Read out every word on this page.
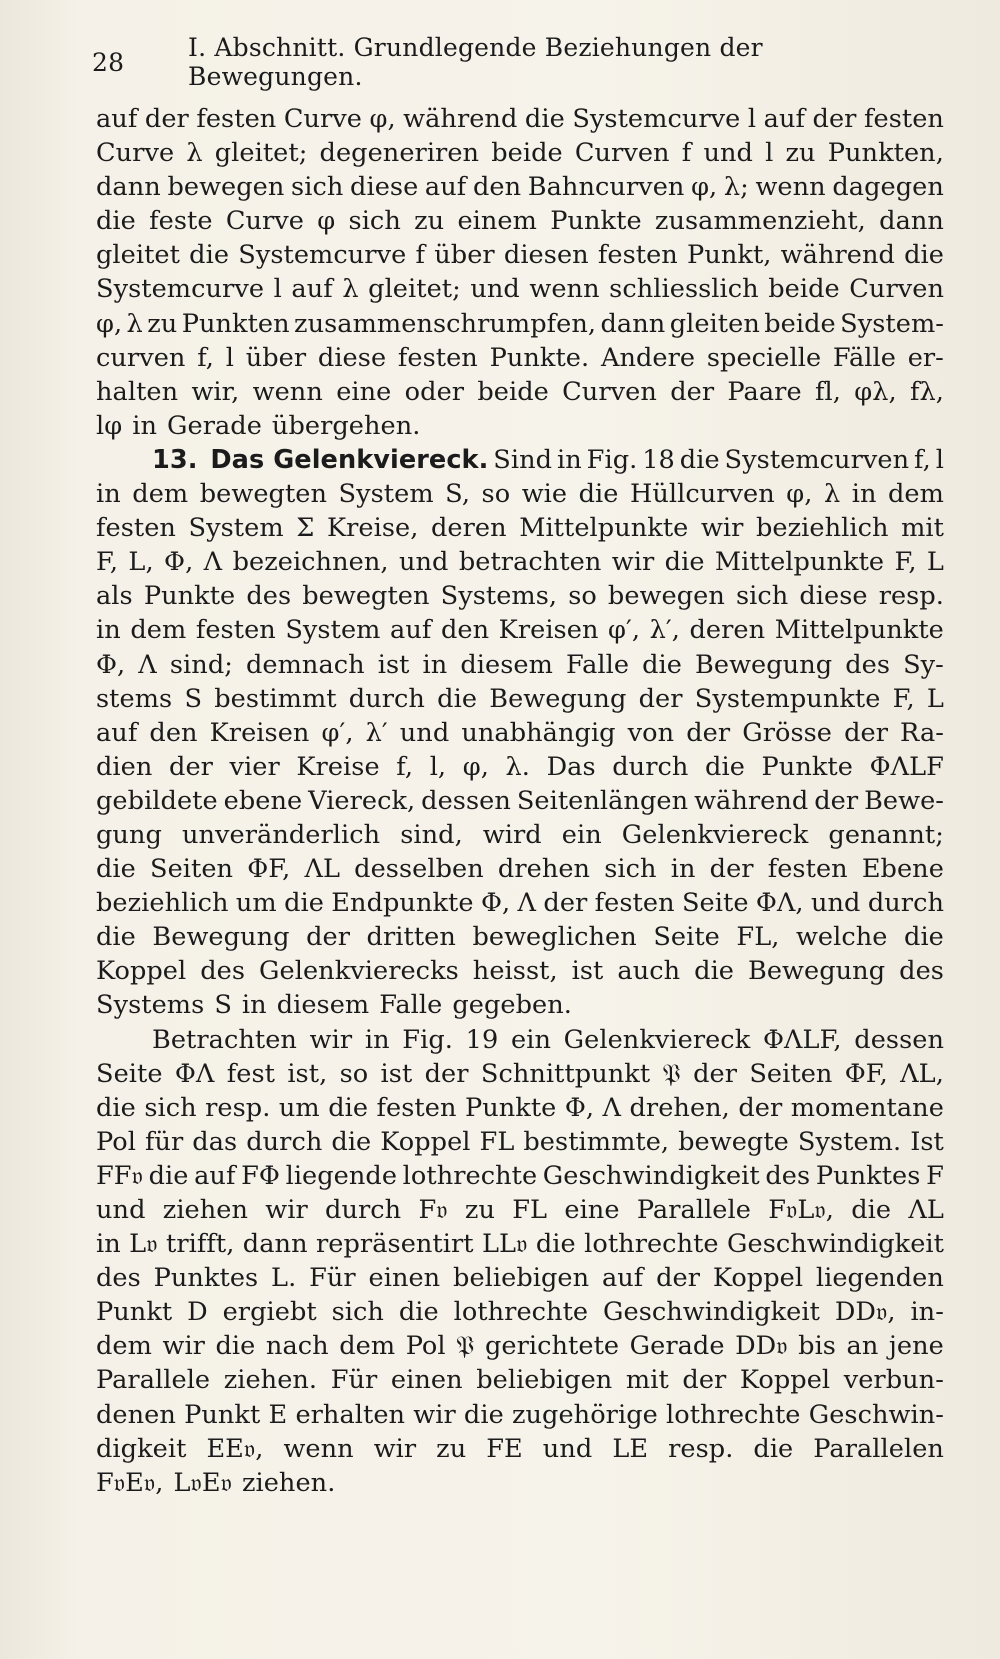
28	I. Abschnitt. Grundlegende Beziehungen der Bewegungen.
auf der festen Curve φ, während die Systemcurve l auf der festen
Curve λ gleitet; degeneriren beide Curven f und l zu Punkten,
dann bewegen sich diese auf den Bahncurven φ, λ; wenn dagegen
die feste Curve φ sich zu einem Punkte zusammenzieht, dann
gleitet die Systemcurve f über diesen festen Punkt, während die
Systemcurve l auf λ gleitet; und wenn schliesslich beide Curven
φ, λ zu Punkten zusammenschrumpfen, dann gleiten beide System-
curven f, l über diese festen Punkte. Andere specielle Fälle er-
halten wir, wenn eine oder beide Curven der Paare fl, φλ, fλ,
lφ in Gerade übergehen.
13. Das Gelenkviereck. Sind in Fig. 18 die Systemcurven f, l
in dem bewegten System S, so wie die Hüllcurven φ, λ in dem
festen System Σ Kreise, deren Mittelpunkte wir beziehlich mit
F, L, Φ, Λ bezeichnen, und betrachten wir die Mittelpunkte F, L
als Punkte des bewegten Systems, so bewegen sich diese resp.
in dem festen System auf den Kreisen φ′, λ′, deren Mittelpunkte
Φ, Λ sind; demnach ist in diesem Falle die Bewegung des Sy-
stems S bestimmt durch die Bewegung der Systempunkte F, L
auf den Kreisen φ′, λ′ und unabhängig von der Grösse der Ra-
dien der vier Kreise f, l, φ, λ. Das durch die Punkte ΦΛLF
gebildete ebene Viereck, dessen Seitenlängen während der Bewe-
gung unveränderlich sind, wird ein Gelenkviereck genannt;
die Seiten ΦF, ΛL desselben drehen sich in der festen Ebene
beziehlich um die Endpunkte Φ, Λ der festen Seite ΦΛ, und durch
die Bewegung der dritten beweglichen Seite FL, welche die
Koppel des Gelenkvierecks heisst, ist auch die Bewegung des
Systems S in diesem Falle gegeben.
Betrachten wir in Fig. 19 ein Gelenkviereck ΦΛLF, dessen
Seite ΦΛ fest ist, so ist der Schnittpunkt 𝔓 der Seiten ΦF, ΛL,
die sich resp. um die festen Punkte Φ, Λ drehen, der momentane
Pol für das durch die Koppel FL bestimmte, bewegte System. Ist
FF𝔳 die auf FΦ liegende lothrechte Geschwindigkeit des Punktes F
und ziehen wir durch F𝔳 zu FL eine Parallele F𝔳L𝔳, die ΛL
in L𝔳 trifft, dann repräsentirt LL𝔳 die lothrechte Geschwindigkeit
des Punktes L. Für einen beliebigen auf der Koppel liegenden
Punkt D ergiebt sich die lothrechte Geschwindigkeit DD𝔳, in-
dem wir die nach dem Pol 𝔓 gerichtete Gerade DD𝔳 bis an jene
Parallele ziehen. Für einen beliebigen mit der Koppel verbun-
denen Punkt E erhalten wir die zugehörige lothrechte Geschwin-
digkeit EE𝔳, wenn wir zu FE und LE resp. die Parallelen
F𝔳E𝔳, L𝔳E𝔳 ziehen.
